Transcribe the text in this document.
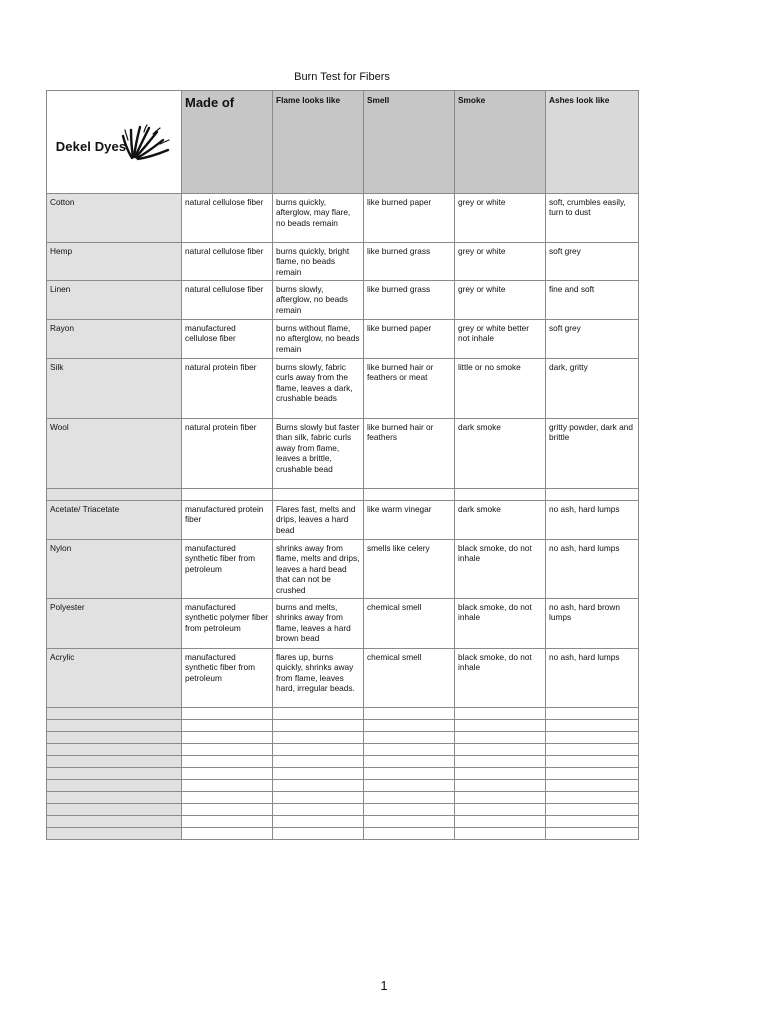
Burn Test for Fibers
Dekel Dyes	Made of	Flame looks like	Smell	Smoke	Ashes look like
Cotton	natural cellulose fiber	burns quickly, afterglow, may flare, no beads remain	like burned paper	grey or white	soft, crumbles easily, turn to dust
Hemp	natural cellulose fiber	burns quickly, bright flame, no beads remain	like burned grass	grey or white	soft grey
Linen	natural cellulose fiber	burns slowly, afterglow, no beads remain	like burned grass	grey or white	fine and soft
Rayon	manufactured cellulose fiber	burns without flame, no afterglow, no beads remain	like burned paper	grey or white better not inhale	soft grey
Silk	natural protein fiber	burns slowly, fabric curls away from the flame, leaves a dark, crushable beads	like burned hair or feathers or meat	little or no smoke	dark, gritty
Wool	natural protein fiber	Burns slowly but faster than silk, fabric curls away from flame, leaves a brittle, crushable bead	like burned hair or feathers	dark smoke	gritty powder, dark and brittle

Acetate/ Triacetate	manufactured protein fiber	Flares fast, melts and drips, leaves a hard bead	like warm vinegar	dark smoke	no ash, hard lumps
Nylon	manufactured synthetic fiber from petroleum	shrinks away from flame, melts and drips, leaves a hard bead that can not be crushed	smells like celery	black smoke, do not inhale	no ash, hard lumps
Polyester	manufactured synthetic polymer fiber from petroleum	burns and melts, shrinks away from flame, leaves a hard brown bead	chemical smell	black smoke, do not inhale	no ash, hard brown lumps
Acrylic	manufactured synthetic fiber from petroleum	flares up, burns quickly, shrinks away from flame, leaves hard, irregular beads.	chemical smell	black smoke, do not inhale	no ash, hard lumps

1
